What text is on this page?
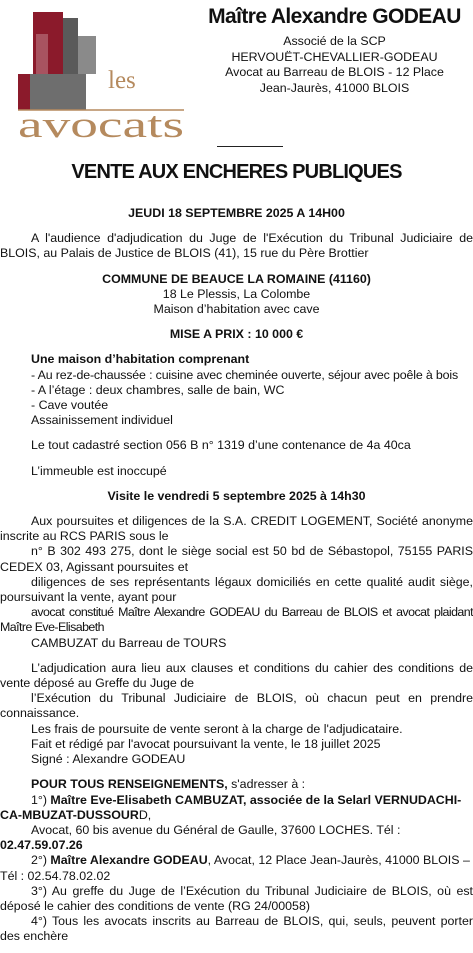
les
avocats
Maître Alexandre GODEAU
Associé de la SCP
HERVOUËT-CHEVALLIER-GODEAU
Avocat au Barreau de BLOIS - 12 Place
Jean-Jaurès, 41000 BLOIS
VENTE AUX ENCHERES PUBLIQUES

JEUDI 18 SEPTEMBRE 2025 A 14H00

A l'audience d'adjudication du Juge de l'Exécution du Tribunal Judiciaire de BLOIS, au Palais de Justice de BLOIS (41), 15 rue du Père Brottier

COMMUNE DE BEAUCE LA ROMAINE (41160)

18 Le Plessis, La Colombe

Maison d’habitation avec cave

MISE A PRIX : 10 000 €

Une maison d’habitation comprenant

- Au rez-de-chaussée : cuisine avec cheminée ouverte, séjour avec poêle à bois

- A l’étage : deux chambres, salle de bain, WC

- Cave voutée

Assainissement individuel

Le tout cadastré section 056 B n° 1319 d’une contenance de 4a 40ca

L’immeuble est inoccupé

Visite le vendredi 5 septembre 2025 à 14h30

Aux poursuites et diligences de la S.A. CREDIT LOGEMENT, Société anonyme inscrite au RCS PARIS sous le

n° B 302 493 275, dont le siège social est 50 bd de Sébastopol, 75155 PARIS CEDEX 03, Agissant poursuites et

diligences de ses représentants légaux domiciliés en cette qualité audit siège, poursuivant la vente, ayant pour

avocat constitué Maître Alexandre GODEAU du Barreau de BLOIS et avocat plaidant Maître Eve-Elisabeth

CAMBUZAT du Barreau de TOURS

L’adjudication aura lieu aux clauses et conditions du cahier des conditions de vente déposé au Greffe du Juge de

l’Exécution du Tribunal Judiciaire de BLOIS, où chacun peut en prendre connaissance.

Les frais de poursuite de vente seront à la charge de l'adjudicataire.

Fait et rédigé par l'avocat poursuivant la vente, le 18 juillet 2025

Signé : Alexandre GODEAU

POUR TOUS RENSEIGNEMENTS, s'adresser à :

1°) Maître Eve-Elisabeth CAMBUZAT, associée de la Selarl VERNUDACHI-CA-MBUZAT-DUSSOURD,

Avocat, 60 bis avenue du Général de Gaulle, 37600 LOCHES. Tél : 02.47.59.07.26

2°) Maître Alexandre GODEAU, Avocat, 12 Place Jean-Jaurès, 41000 BLOIS – Tél : 02.54.78.02.02

3°) Au greffe du Juge de l’Exécution du Tribunal Judiciaire de BLOIS, où est déposé le cahier des conditions de vente (RG 24/00058)

4°) Tous les avocats inscrits au Barreau de BLOIS, qui, seuls, peuvent porter des enchère
